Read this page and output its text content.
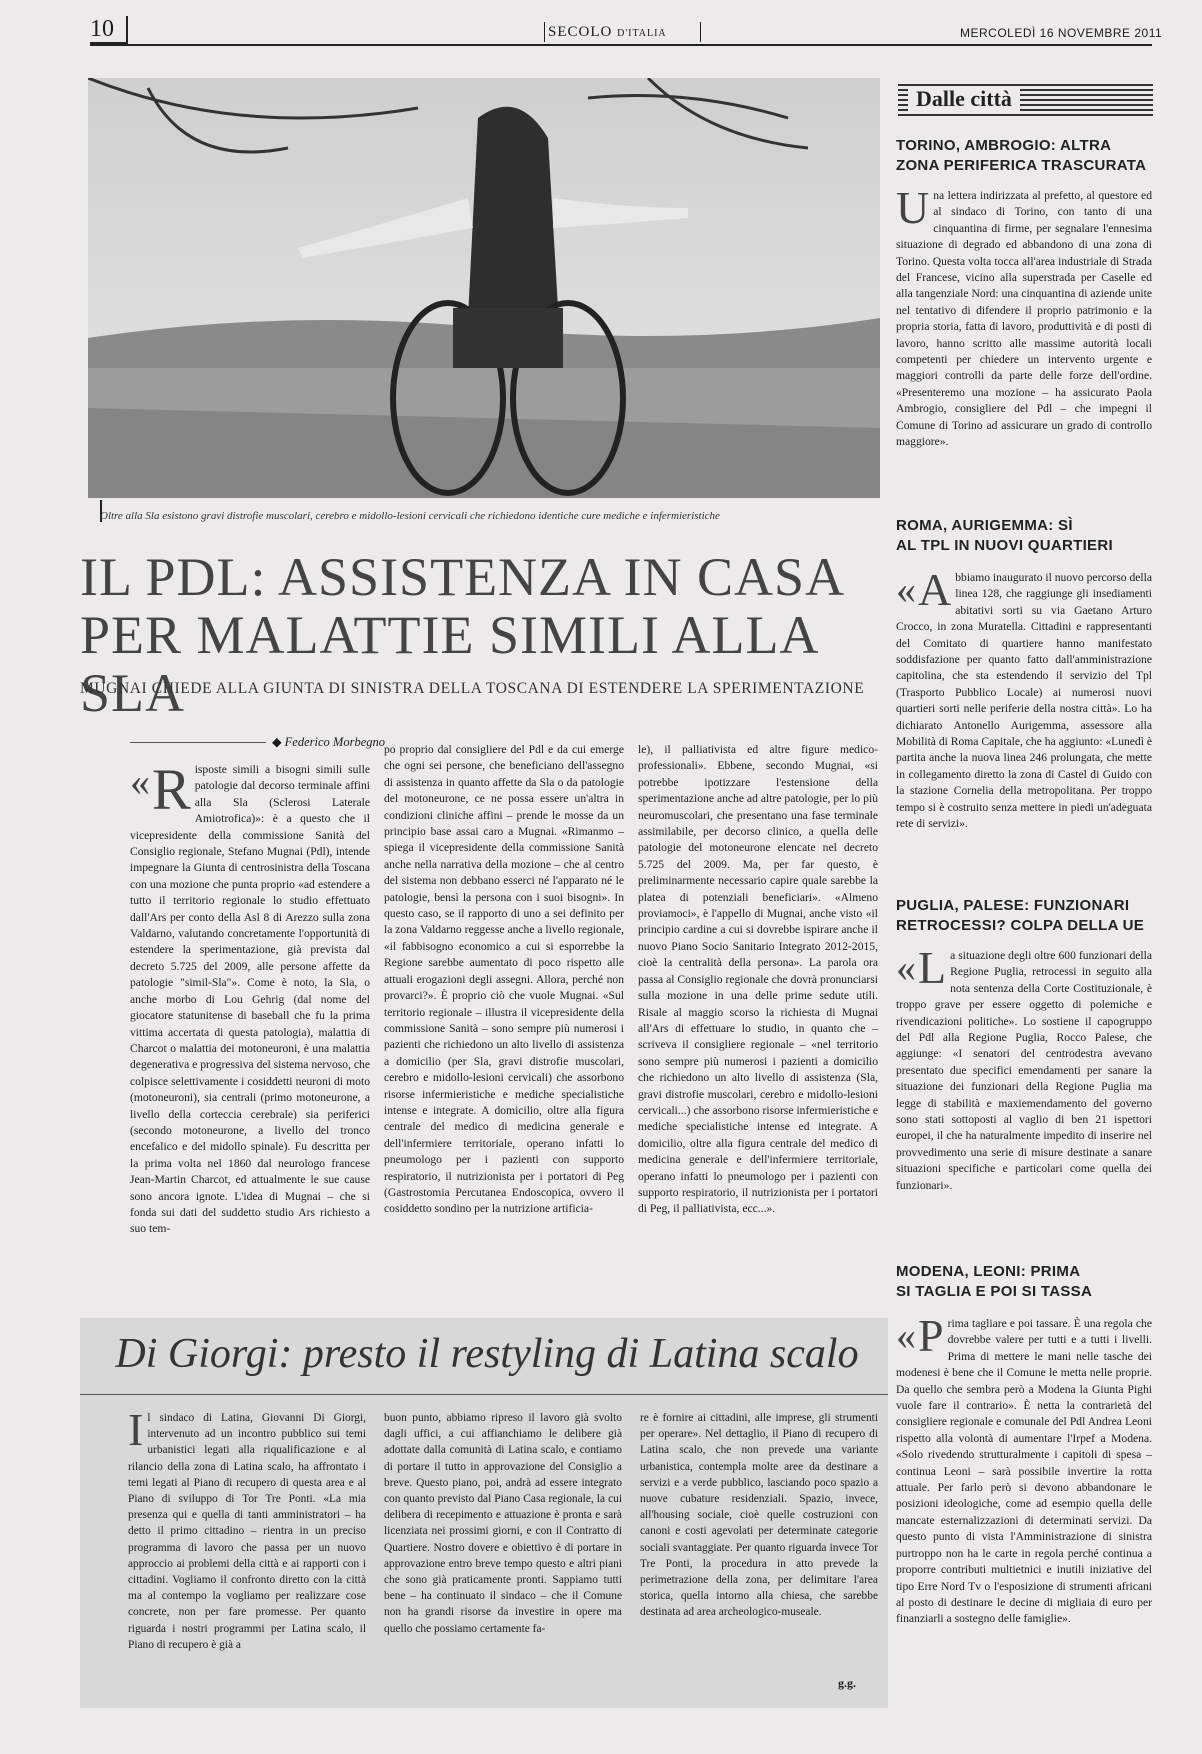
10	SECOLO D'ITALIA	MERCOLEDÌ 16 NOVEMBRE 2011
Oltre alla Sla esistono gravi distrofie muscolari, cerebro e midollo-lesioni cervicali che richiedono identiche cure mediche e infermieristiche
IL PDL: ASSISTENZA IN CASA
PER MALATTIE SIMILI ALLA SLA
MUGNAI CHIEDE ALLA GIUNTA DI SINISTRA DELLA TOSCANA DI ESTENDERE LA SPERIMENTAZIONE
◆ Federico Morbegno
« R isposte simili a bisogni simili sulle patologie dal decorso terminale affini alla Sla (Sclerosi Laterale Amiotrofica)»: è a questo che il vicepresidente della commissione Sanità del Consiglio regionale, Stefano Mugnai (Pdl), intende impegnare la Giunta di centrosinistra della Toscana con una mozione che punta proprio «ad estendere a tutto il territorio regionale lo studio effettuato dall'Ars per conto della Asl 8 di Arezzo sulla zona Valdarno, valutando concretamente l'opportunità di estendere la sperimentazione, già prevista dal decreto 5.725 del 2009, alle persone affette da patologie "simil-Sla"». Come è noto, la Sla, o anche morbo di Lou Gehrig (dal nome del giocatore statunitense di baseball che fu la prima vittima accertata di questa patologia), malattia di Charcot o malattia dei motoneuroni, è una malattia degenerativa e progressiva del sistema nervoso, che colpisce selettivamente i cosiddetti neuroni di moto (motoneuroni), sia centrali (primo motoneurone, a livello della corteccia cerebrale) sia periferici (secondo motoneurone, a livello del tronco encefalico e del midollo spinale). Fu descritta per la prima volta nel 1860 dal neurologo francese Jean-Martin Charcot, ed attualmente le sue cause sono ancora ignote. L'idea di Mugnai – che si fonda sui dati del suddetto studio Ars richiesto a suo tem-
po proprio dal consigliere del Pdl e da cui emerge che ogni sei persone, che beneficiano dell'assegno di assistenza in quanto affette da Sla o da patologie del motoneurone, ce ne possa essere un'altra in condizioni cliniche affini – prende le mosse da un principio base assai caro a Mugnai. «Rimanmo – spiega il vicepresidente della commissione Sanità anche nella narrativa della mozione – che al centro del sistema non debbano esserci né l'apparato né le patologie, bensì la persona con i suoi bisogni». In questo caso, se il rapporto di uno a sei definito per la zona Valdarno reggesse anche a livello regionale, «il fabbisogno economico a cui si esporrebbe la Regione sarebbe aumentato di poco rispetto alle attuali erogazioni degli assegni. Allora, perché non provarci?». È proprio ciò che vuole Mugnai. «Sul territorio regionale – illustra il vicepresidente della commissione Sanità – sono sempre più numerosi i pazienti che richiedono un alto livello di assistenza a domicilio (per Sla, gravi distrofie muscolari, cerebro e midollo-lesioni cervicali) che assorbono risorse infermieristiche e mediche specialistiche intense e integrate. A domicilio, oltre alla figura centrale del medico di medicina generale e dell'infermiere territoriale, operano infatti lo pneumologo per i pazienti con supporto respiratorio, il nutrizionista per i portatori di Peg (Gastrostomia Percutanea Endoscopica, ovvero il cosiddetto sondino per la nutrizione artificia-
le), il palliativista ed altre figure medico-professionali». Ebbene, secondo Mugnai, «si potrebbe ipotizzare l'estensione della sperimentazione anche ad altre patologie, per lo più neuromuscolari, che presentano una fase terminale assimilabile, per decorso clinico, a quella delle patologie del motoneurone elencate nel decreto 5.725 del 2009. Ma, per far questo, è preliminarmente necessario capire quale sarebbe la platea di potenziali beneficiari». «Almeno proviamoci», è l'appello di Mugnai, anche visto «il principio cardine a cui si dovrebbe ispirare anche il nuovo Piano Socio Sanitario Integrato 2012-2015, cioè la centralità della persona». La parola ora passa al Consiglio regionale che dovrà pronunciarsi sulla mozione in una delle prime sedute utili. Risale al maggio scorso la richiesta di Mugnai all'Ars di effettuare lo studio, in quanto che – scriveva il consigliere regionale – «nel territorio sono sempre più numerosi i pazienti a domicilio che richiedono un alto livello di assistenza (Sla, gravi distrofie muscolari, cerebro e midollo-lesioni cervicali...) che assorbono risorse infermieristiche e mediche specialistiche intense ed integrate. A domicilio, oltre alla figura centrale del medico di medicina generale e dell'infermiere territoriale, operano infatti lo pneumologo per i pazienti con supporto respiratorio, il nutrizionista per i portatori di Peg, il palliativista, ecc...».
Di Giorgi: presto il restyling di Latina scalo
Il sindaco di Latina, Giovanni Di Giorgi, intervenuto ad un incontro pubblico sui temi urbanistici legati alla riqualificazione e al rilancio della zona di Latina scalo, ha affrontato i temi legati al Piano di recupero di questa area e al Piano di sviluppo di Tor Tre Ponti. «La mia presenza qui e quella di tanti amministratori – ha detto il primo cittadino – rientra in un preciso programma di lavoro che passa per un nuovo approccio ai problemi della città e ai rapporti con i cittadini. Vogliamo il confronto diretto con la città ma al contempo la vogliamo per realizzare cose concrete, non per fare promesse. Per quanto riguarda i nostri programmi per Latina scalo, il Piano di recupero è già a
buon punto, abbiamo ripreso il lavoro già svolto dagli uffici, a cui affianchiamo le delibere già adottate dalla comunità di Latina scalo, e contiamo di portare il tutto in approvazione del Consiglio a breve. Questo piano, poi, andrà ad essere integrato con quanto previsto dal Piano Casa regionale, la cui delibera di recepimento e attuazione è pronta e sarà licenziata nei prossimi giorni, e con il Contratto di Quartiere. Nostro dovere e obiettivo è di portare in approvazione entro breve tempo questo e altri piani che sono già praticamente pronti. Sappiamo tutti bene – ha continuato il sindaco – che il Comune non ha grandi risorse da investire in opere ma quello che possiamo certamente fa-
re è fornire ai cittadini, alle imprese, gli strumenti per operare». Nel dettaglio, il Piano di recupero di Latina scalo, che non prevede una variante urbanistica, contempla molte aree da destinare a servizi e a verde pubblico, lasciando poco spazio a nuove cubature residenziali. Spazio, invece, all'housing sociale, cioè quelle costruzioni con canoni e costi agevolati per determinate categorie sociali svantaggiate. Per quanto riguarda invece Tor Tre Ponti, la procedura in atto prevede la perimetrazione della zona, per delimitare l'area storica, quella intorno alla chiesa, che sarebbe destinata ad area archeologico-museale.
g.g.
Dalle città
TORINO, AMBROGIO: ALTRA
ZONA PERIFERICA TRASCURATA
Una lettera indirizzata al prefetto, al questore ed al sindaco di Torino, con tanto di una cinquantina di firme, per segnalare l'ennesima situazione di degrado ed abbandono di una zona di Torino. Questa volta tocca all'area industriale di Strada del Francese, vicino alla superstrada per Caselle ed alla tangenziale Nord: una cinquantina di aziende unite nel tentativo di difendere il proprio patrimonio e la propria storia, fatta di lavoro, produttività e di posti di lavoro, hanno scritto alle massime autorità locali competenti per chiedere un intervento urgente e maggiori controlli da parte delle forze dell'ordine. «Presenteremo una mozione – ha assicurato Paola Ambrogio, consigliere del Pdl – che impegni il Comune di Torino ad assicurare un grado di controllo maggiore».
ROMA, AURIGEMMA: SÌ
AL TPL IN NUOVI QUARTIERI
« A bbiamo inaugurato il nuovo percorso della linea 128, che raggiunge gli insediamenti abitativi sorti su via Gaetano Arturo Crocco, in zona Muratella. Cittadini e rappresentanti del Comitato di quartiere hanno manifestato soddisfazione per quanto fatto dall'amministrazione capitolina, che sta estendendo il servizio del Tpl (Trasporto Pubblico Locale) ai numerosi nuovi quartieri sorti nelle periferie della nostra città». Lo ha dichiarato Antonello Aurigemma, assessore alla Mobilità di Roma Capitale, che ha aggiunto: «Lunedì è partita anche la nuova linea 246 prolungata, che mette in collegamento diretto la zona di Castel di Guido con la stazione Cornelia della metropolitana. Per troppo tempo si è costruito senza mettere in piedi un'adeguata rete di servizi».
PUGLIA, PALESE: FUNZIONARI
RETROCESSI? COLPA DELLA UE
« L a situazione degli oltre 600 funzionari della Regione Puglia, retrocessi in seguito alla nota sentenza della Corte Costituzionale, è troppo grave per essere oggetto di polemiche e rivendicazioni politiche». Lo sostiene il capogruppo del Pdl alla Regione Puglia, Rocco Palese, che aggiunge: «I senatori del centrodestra avevano presentato due specifici emendamenti per sanare la situazione dei funzionari della Regione Puglia ma legge di stabilità e maxiemendamento del governo sono stati sottoposti al vaglio di ben 21 ispettori europei, il che ha naturalmente impedito di inserire nel provvedimento una serie di misure destinate a sanare situazioni specifiche e particolari come quella dei funzionari».
MODENA, LEONI: PRIMA
SI TAGLIA E POI SI TASSA
« P rima tagliare e poi tassare. È una regola che dovrebbe valere per tutti e a tutti i livelli. Prima di mettere le mani nelle tasche dei modenesi è bene che il Comune le metta nelle proprie. Da quello che sembra però a Modena la Giunta Pighi vuole fare il contrario». È netta la contrarietà del consigliere regionale e comunale del Pdl Andrea Leoni rispetto alla volontà di aumentare l'Irpef a Modena. «Solo rivedendo strutturalmente i capitoli di spesa – continua Leoni – sarà possibile invertire la rotta attuale. Per farlo però si devono abbandonare le posizioni ideologiche, come ad esempio quella delle mancate esternalizzazioni di determinati servizi. Da questo punto di vista l'Amministrazione di sinistra purtroppo non ha le carte in regola perché continua a proporre contributi multietnici e inutili iniziative del tipo Erre Nord Tv o l'esposizione di strumenti africani al posto di destinare le decine di migliaia di euro per finanziarli a sostegno delle famiglie».
